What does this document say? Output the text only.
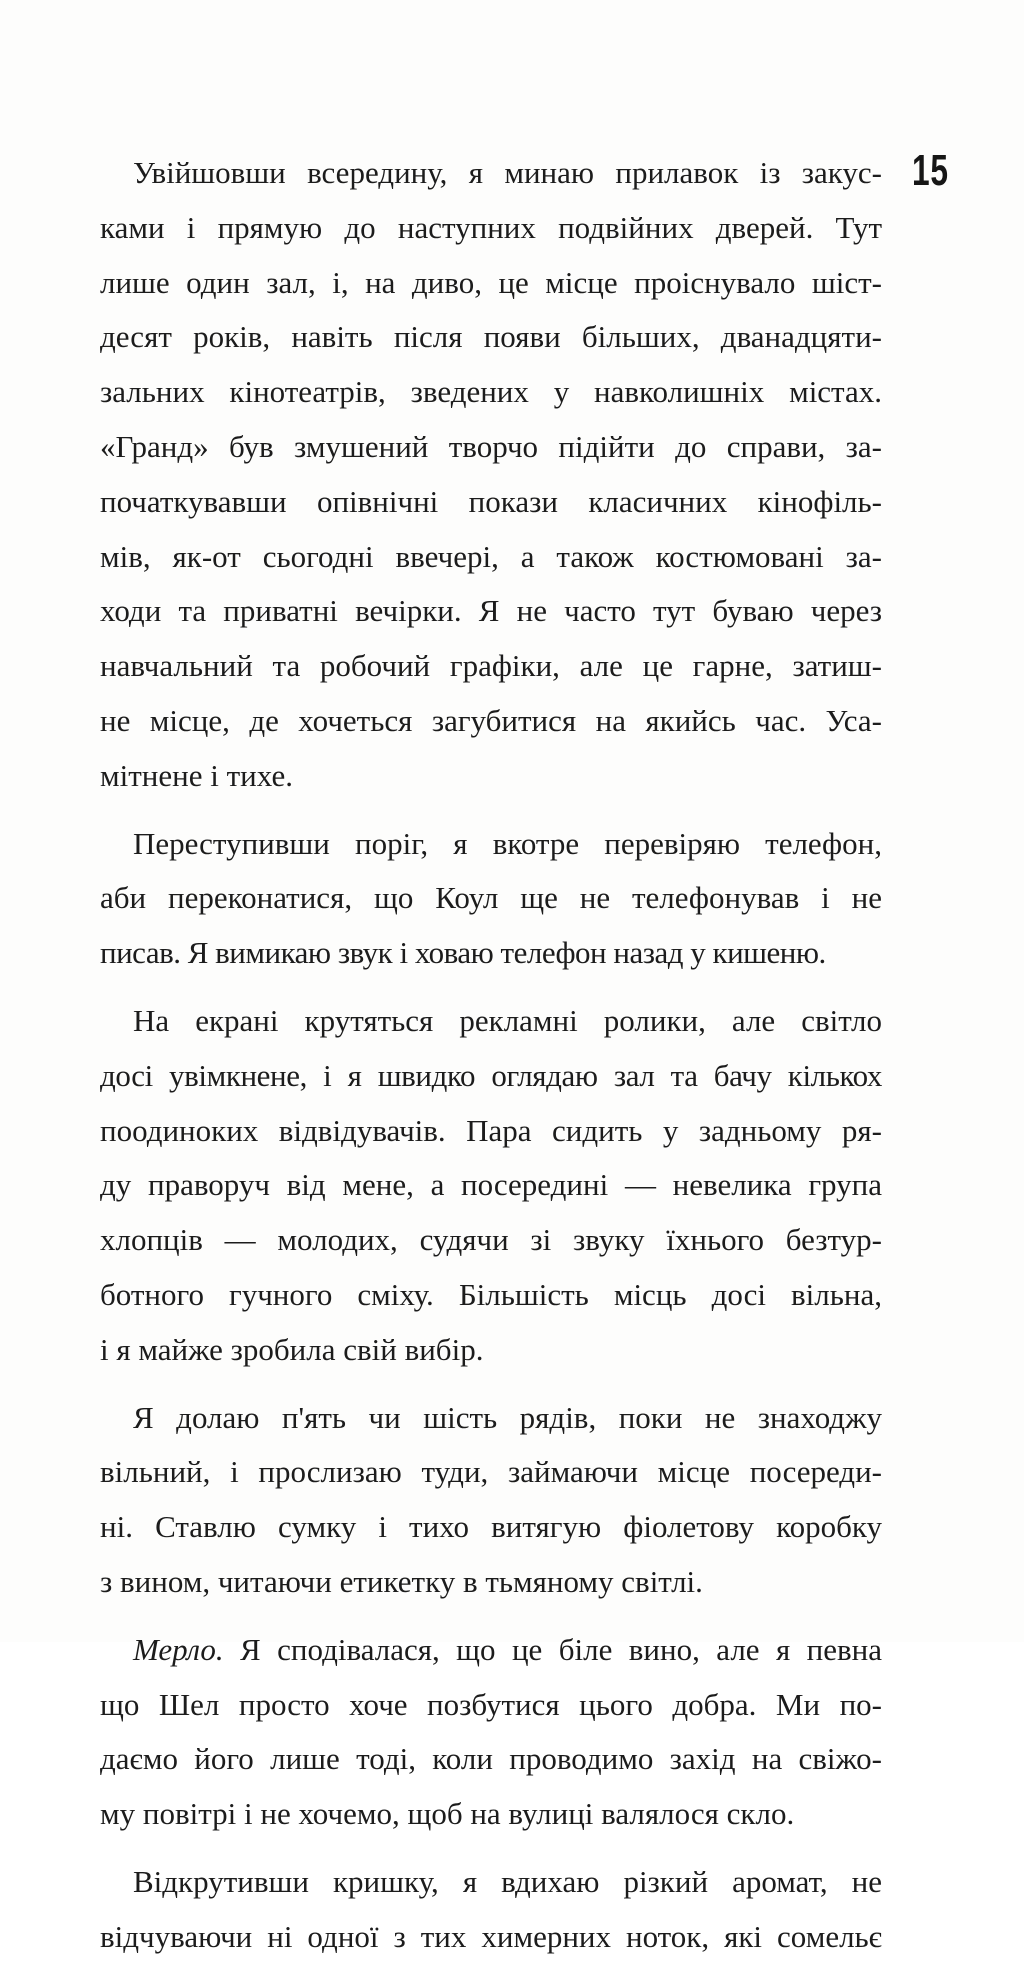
15

Увійшовши всередину, я минаю прилавок із закус-
ками і прямую до наступних подвійних дверей. Тут
лише один зал, і, на диво, це місце проіснувало шіст-
десят років, навіть після появи більших, дванадцяти-
зальних кінотеатрів, зведених у навколишніх містах.
«Гранд» був змушений творчо підійти до справи, за-
початкувавши опівнічні покази класичних кінофіль-
мів, як-от сьогодні ввечері, а також костюмовані за-
ходи та приватні вечірки. Я не часто тут буваю через
навчальний та робочий графіки, але це гарне, затиш-
не місце, де хочеться загубитися на якийсь час. Уса-
мітнене і тихе.

Переступивши поріг, я вкотре перевіряю телефон,
аби переконатися, що Коул ще не телефонував і не
писав. Я вимикаю звук і ховаю телефон назад у кишеню.

На екрані крутяться рекламні ролики, але світло
досі увімкнене, і я швидко оглядаю зал та бачу кількох
поодиноких відвідувачів. Пара сидить у задньому ря-
ду праворуч від мене, а посередині — невелика група
хлопців — молодих, судячи зі звуку їхнього безтур-
ботного гучного сміху. Більшість місць досі вільна,
і я майже зробила свій вибір.

Я долаю п'ять чи шість рядів, поки не знаходжу
вільний, і прослизаю туди, займаючи місце посереди-
ні. Ставлю сумку і тихо витягую фіолетову коробку
з вином, читаючи етикетку в тьмяному світлі.

Мерло. Я сподівалася, що це біле вино, але я певна
що Шел просто хоче позбутися цього добра. Ми по-
даємо його лише тоді, коли проводимо захід на свіжо-
му повітрі і не хочемо, щоб на вулиці валялося скло.

Відкрутивши кришку, я вдихаю різкий аромат, не
відчуваючи ні одної з тих химерних ноток, які сомельє
